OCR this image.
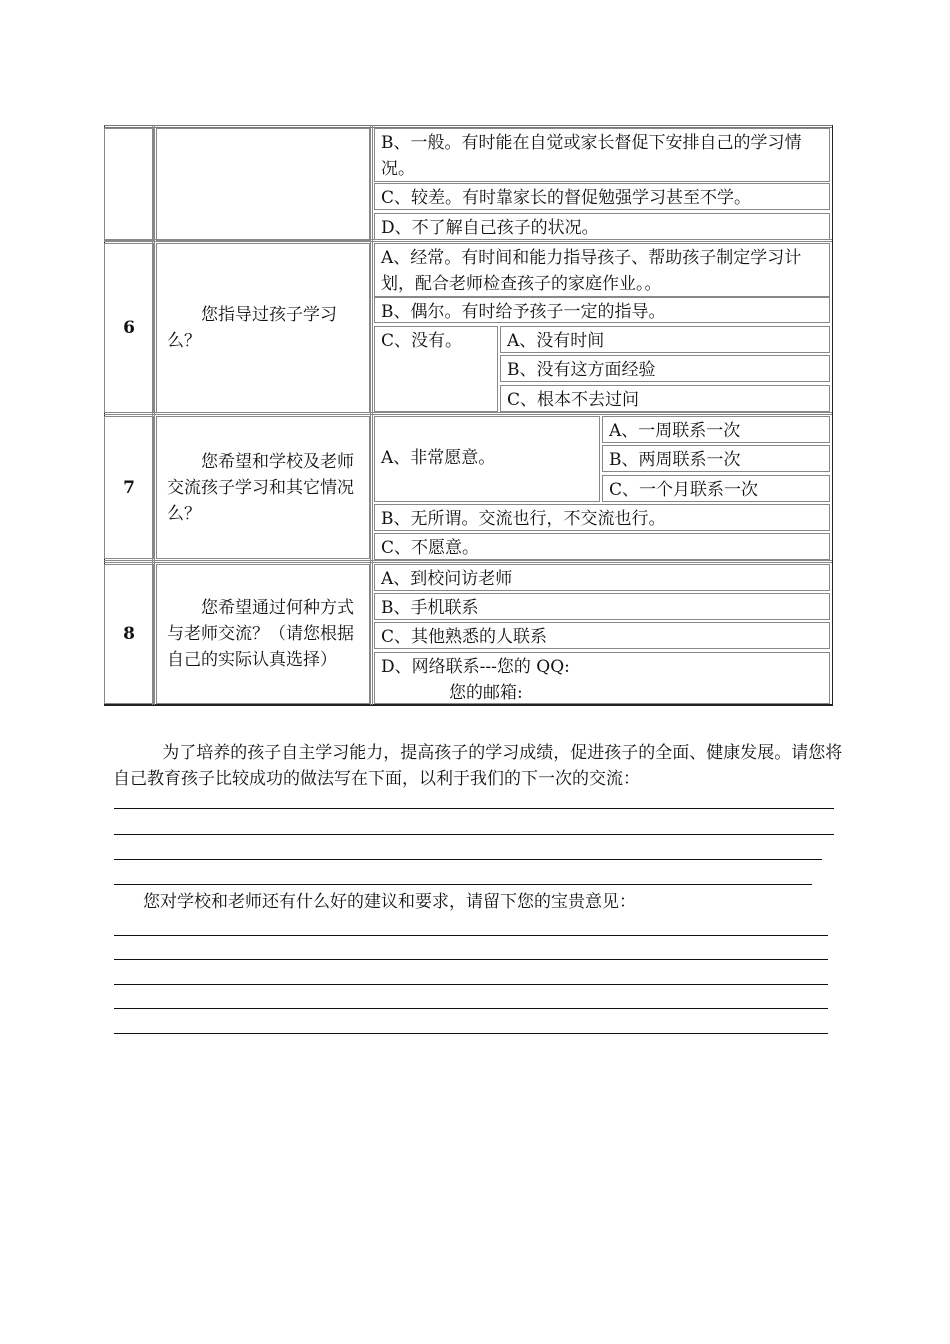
B、一般。有时能在自觉或家长督促下安排自己的学习情况。
C、较差。有时靠家长的督促勉强学习甚至不学。
D、不了解自己孩子的状况。
6
您指导过孩子学习么？
A、经常。有时间和能力指导孩子、帮助孩子制定学习计划，配合老师检查孩子的家庭作业。。
B、偶尔。有时给予孩子一定的指导。
C、没有。	A、没有时间
B、没有这方面经验
C、根本不去过问
7
您希望和学校及老师交流孩子学习和其它情况么？
A、非常愿意。
A、一周联系一次
B、两周联系一次
C、一个月联系一次
B、无所谓。交流也行，不交流也行。
C、不愿意。
8
您希望通过何种方式与老师交流？（请您根据自己的实际认真选择）
A、到校问访老师
B、手机联系
C、其他熟悉的人联系
D、网络联系---您的 QQ:
您的邮箱:
为了培养的孩子自主学习能力，提高孩子的学习成绩，促进孩子的全面、健康发展。请您将自己教育孩子比较成功的做法写在下面，以利于我们的下一次的交流：
您对学校和老师还有什么好的建议和要求，请留下您的宝贵意见：
